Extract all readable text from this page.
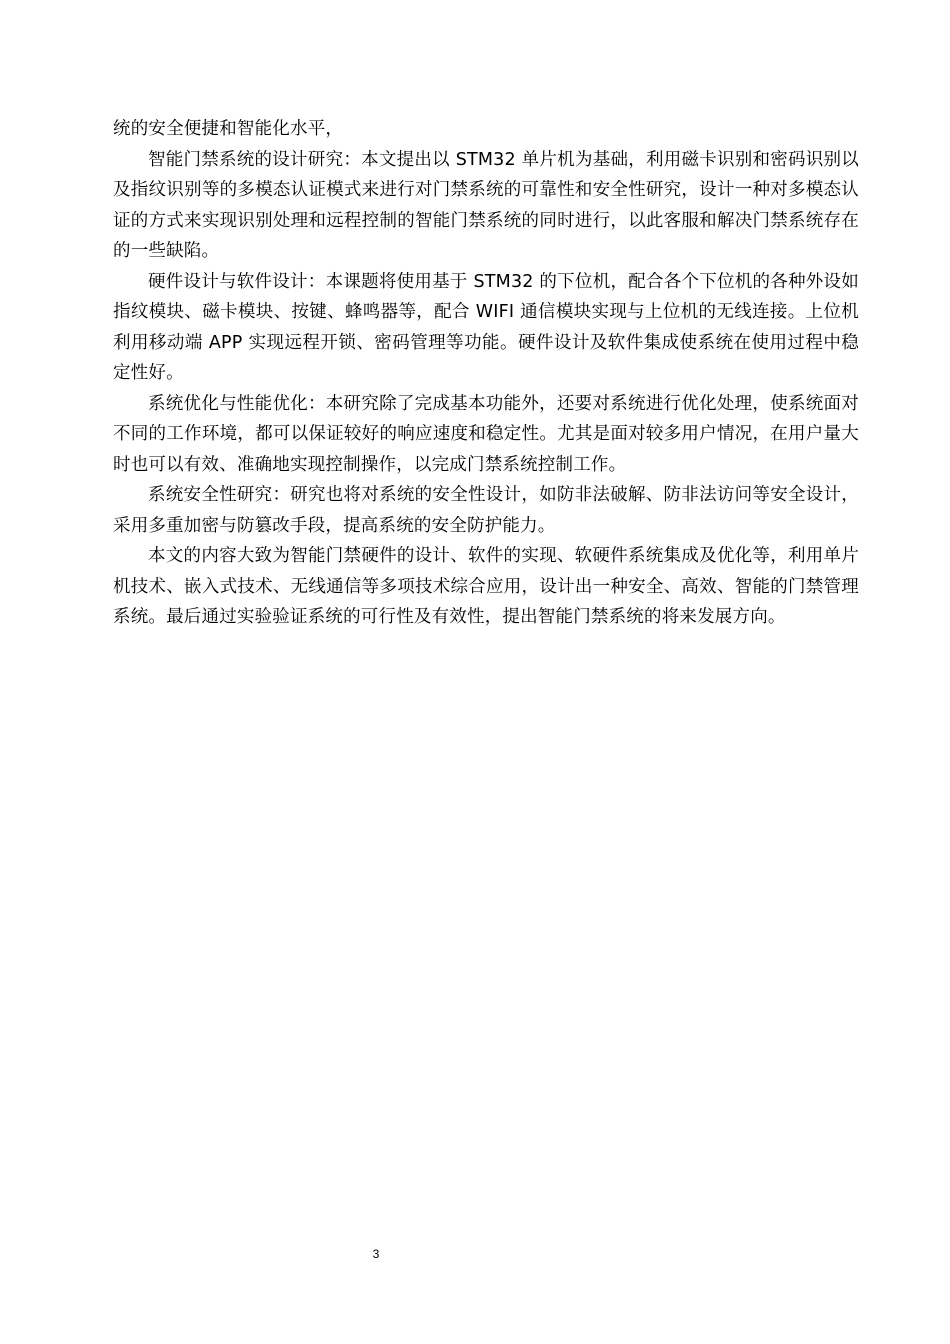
统的安全便捷和智能化水平，

智能门禁系统的设计研究：本文提出以 STM32 单片机为基础，利用磁卡识别和密码识别以及指纹识别等的多模态认证模式来进行对门禁系统的可靠性和安全性研究，设计一种对多模态认证的方式来实现识别处理和远程控制的智能门禁系统的同时进行，以此客服和解决门禁系统存在的一些缺陷。

硬件设计与软件设计：本课题将使用基于 STM32 的下位机，配合各个下位机的各种外设如指纹模块、磁卡模块、按键、蜂鸣器等，配合 WIFI 通信模块实现与上位机的无线连接。上位机利用移动端 APP 实现远程开锁、密码管理等功能。硬件设计及软件集成使系统在使用过程中稳定性好。

系统优化与性能优化：本研究除了完成基本功能外，还要对系统进行优化处理，使系统面对不同的工作环境，都可以保证较好的响应速度和稳定性。尤其是面对较多用户情况，在用户量大时也可以有效、准确地实现控制操作，以完成门禁系统控制工作。

系统安全性研究：研究也将对系统的安全性设计，如防非法破解、防非法访问等安全设计，采用多重加密与防篡改手段，提高系统的安全防护能力。

本文的内容大致为智能门禁硬件的设计、软件的实现、软硬件系统集成及优化等，利用单片机技术、嵌入式技术、无线通信等多项技术综合应用，设计出一种安全、高效、智能的门禁管理系统。最后通过实验验证系统的可行性及有效性，提出智能门禁系统的将来发展方向。

3
